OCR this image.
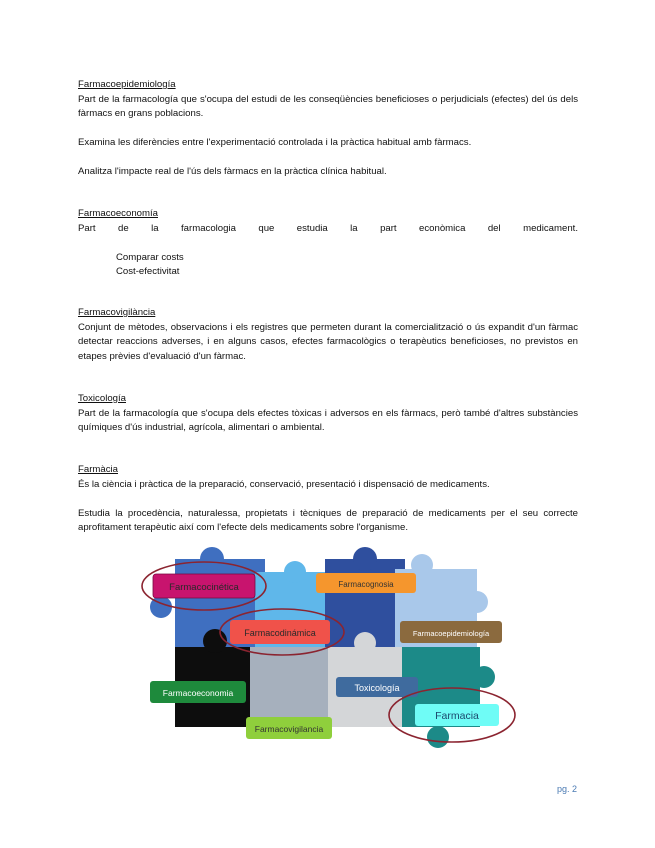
Farmacoepidemiología

Part de la farmacología que s'ocupa del estudi de les conseqüències beneficioses o perjudicials (efectes) del ús dels fàrmacs en grans poblacions.

Examina les diferències entre l'experimentació controlada i la pràctica habitual amb fàrmacs.

Analitza l'impacte real de l'ús dels fàrmacs en la pràctica clínica habitual.

Farmacoeconomía

Part de la farmacologia que estudia la part econòmica del medicament.

Comparar costs

Cost-efectivitat

Farmacovigilància

Conjunt de mètodes, observacions i els registres que permeten durant la comercialització o ús expandit d'un fàrmac detectar reaccions adverses, i en alguns casos, efectes farmacològics o terapèutics beneficioses, no previstos en etapes prèvies d'evaluació d'un fàrmac.

Toxicología

Part de la farmacología que s'ocupa dels efectes tòxicas i adversos en els fàrmacs, però també d'altres substàncies químiques d'ús industrial, agrícola, alimentari o ambiental.

Farmàcia

És la ciència i pràctica de la preparació, conservació, presentació i dispensació de medicaments.

Estudia la procedència, naturalessa, propietats i tècniques de preparació de medicaments per el seu correcte aprofitament terapèutic així com l'efecte dels medicaments sobre l'organisme.

Farmacocinética	Farmacognosia
Farmacodinámica	Farmacoepidemiología
Farmacoeconomia	Toxicología
Farmacia
Farmacovigilancia
pg. 2
